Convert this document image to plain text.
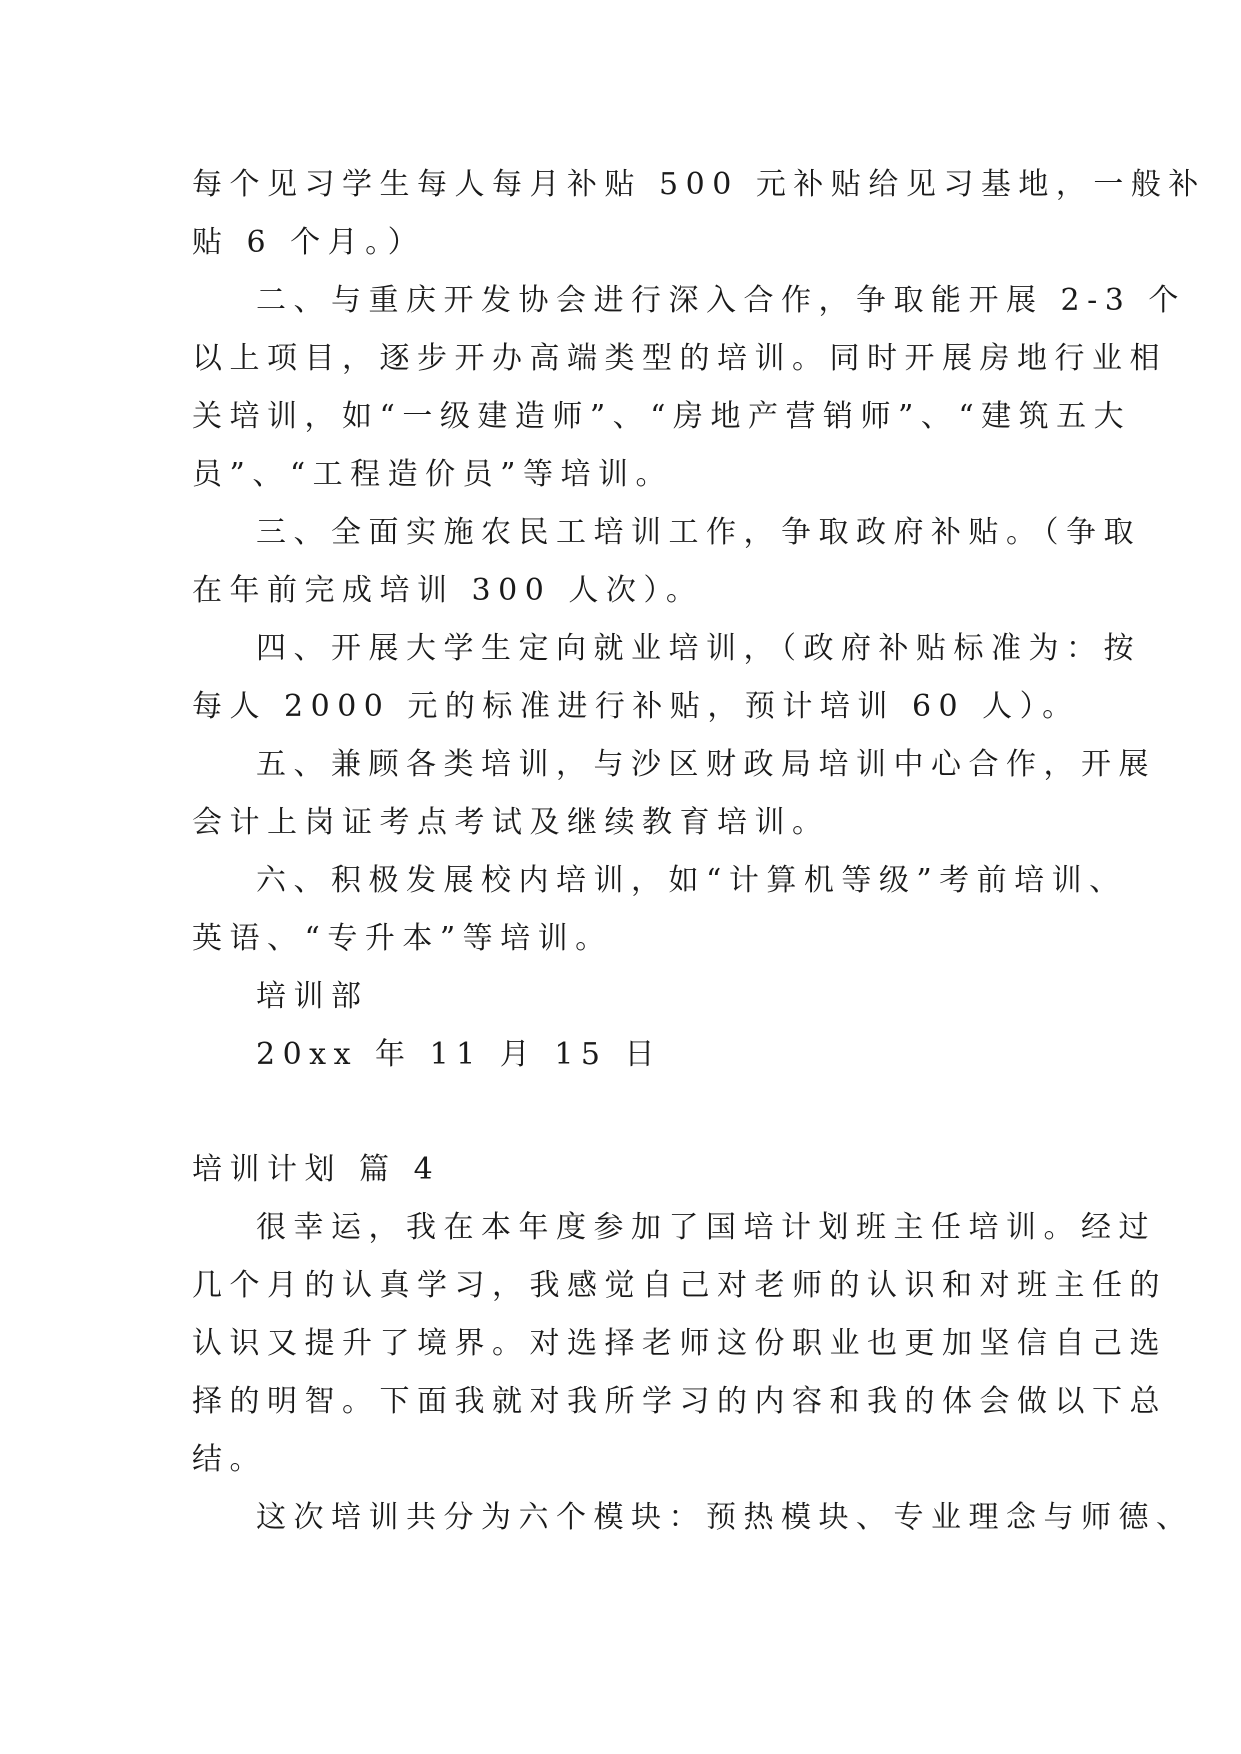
每个见习学生每人每月补贴 500 元补贴给见习基地，一般补
贴 6 个月。）
二、与重庆开发协会进行深入合作，争取能开展 2-3 个
以上项目，逐步开办高端类型的培训。同时开展房地行业相
关培训，如“一级建造师”、“房地产营销师”、“建筑五大
员”、“工程造价员”等培训。
三、全面实施农民工培训工作，争取政府补贴。（争取
在年前完成培训 300 人次）。
四、开展大学生定向就业培训，（政府补贴标准为：按
每人 2000 元的标准进行补贴，预计培训 60 人）。
五、兼顾各类培训，与沙区财政局培训中心合作，开展
会计上岗证考点考试及继续教育培训。
六、积极发展校内培训，如“计算机等级”考前培训、
英语、“专升本”等培训。
培训部
20xx 年 11 月 15 日
培训计划 篇 4
很幸运，我在本年度参加了国培计划班主任培训。经过
几个月的认真学习，我感觉自己对老师的认识和对班主任的
认识又提升了境界。对选择老师这份职业也更加坚信自己选
择的明智。下面我就对我所学习的内容和我的体会做以下总
结。
这次培训共分为六个模块：预热模块、专业理念与师德、
